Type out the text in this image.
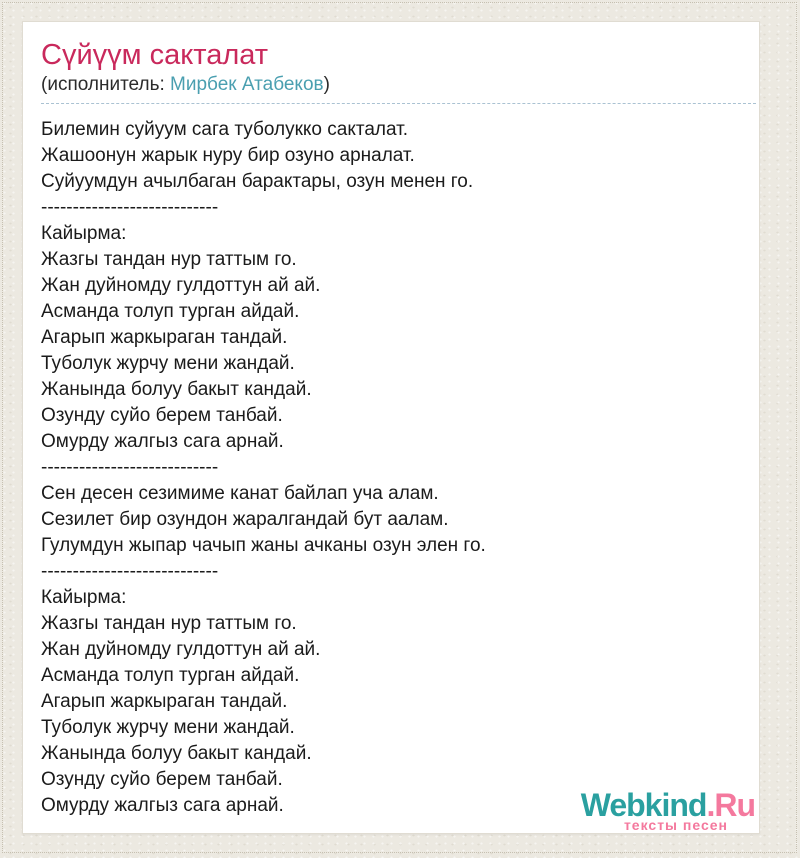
Сүйүүм сакталат
(исполнитель: Мирбек Атабеков)
Билемин суйуум сага туболукко сакталат.
Жашоонун жарык нуру бир озуно арналат.
Суйуумдун ачылбаган барактары, озун менен го.
----------------------------
Кайырма:
Жазгы тандан нур таттым го.
Жан дуйномду гулдоттун ай ай.
Асманда толуп турган айдай.
Агарып жаркыраган тандай.
Туболук журчу мени жандай.
Жанында болуу бакыт кандай.
Озунду суйо берем танбай.
Омурду жалгыз сага арнай.
----------------------------
Сен десен сезимиме канат байлап уча алам.
Сезилет бир озундон жаралгандай бут аалам.
Гулумдун жыпар чачып жаны ачканы озун элен го.
----------------------------
Кайырма:
Жазгы тандан нур таттым го.
Жан дуйномду гулдоттун ай ай.
Асманда толуп турган айдай.
Агарып жаркыраган тандай.
Туболук журчу мени жандай.
Жанында болуу бакыт кандай.
Озунду суйо берем танбай.
Омурду жалгыз сага арнай.	Webkind.Ru
тексты песен
